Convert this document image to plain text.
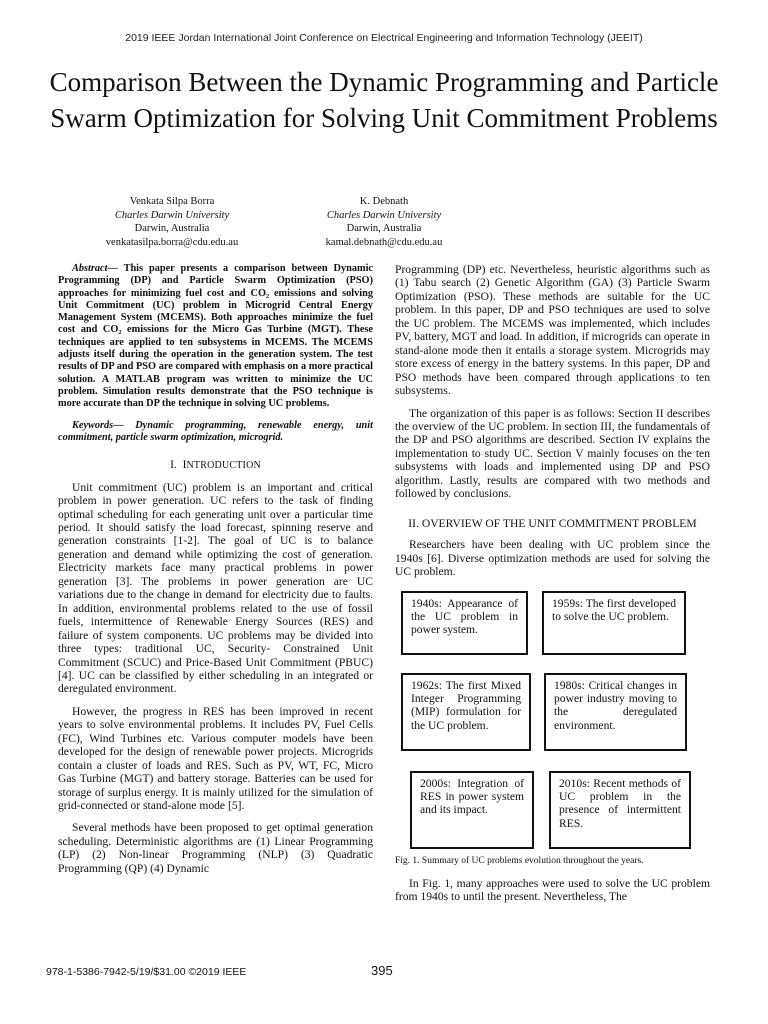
2019 IEEE Jordan International Joint Conference on Electrical Engineering and Information Technology (JEEIT)
Comparison Between the Dynamic Programming and Particle Swarm Optimization for Solving Unit Commitment Problems
Venkata Silpa Borra
Charles Darwin University
Darwin, Australia
venkatasilpa.borra@cdu.edu.au
K. Debnath
Charles Darwin University
Darwin, Australia
kamal.debnath@cdu.edu.au

Abstract— This paper presents a comparison between Dynamic Programming (DP) and Particle Swarm Optimization (PSO) approaches for minimizing fuel cost and CO₂ emissions and solving Unit Commitment (UC) problem in Microgrid Central Energy Management System (MCEMS). Both approaches minimize the fuel cost and CO₂ emissions for the Micro Gas Turbine (MGT). These techniques are applied to ten subsystems in MCEMS. The MCEMS adjusts itself during the operation in the generation system. The test results of DP and PSO are compared with emphasis on a more practical solution. A MATLAB program was written to minimize the UC problem. Simulation results demonstrate that the PSO technique is more accurate than DP the technique in solving UC problems.

Keywords— Dynamic programming, renewable energy, unit commitment, particle swarm optimization, microgrid.

I. INTRODUCTION

Unit commitment (UC) problem is an important and critical problem in power generation. UC refers to the task of finding optimal scheduling for each generating unit over a particular time period. It should satisfy the load forecast, spinning reserve and generation constraints [1-2]. The goal of UC is to balance generation and demand while optimizing the cost of generation. Electricity markets face many practical problems in power generation [3]. The problems in power generation are UC variations due to the change in demand for electricity due to faults. In addition, environmental problems related to the use of fossil fuels, intermittence of Renewable Energy Sources (RES) and failure of system components. UC problems may be divided into three types: traditional UC, Security- Constrained Unit Commitment (SCUC) and Price-Based Unit Commitment (PBUC) [4]. UC can be classified by either scheduling in an integrated or deregulated environment.

However, the progress in RES has been improved in recent years to solve environmental problems. It includes PV, Fuel Cells (FC), Wind Turbines etc. Various computer models have been developed for the design of renewable power projects. Microgrids contain a cluster of loads and RES. Such as PV, WT, FC, Micro Gas Turbine (MGT) and battery storage. Batteries can be used for storage of surplus energy. It is mainly utilized for the simulation of grid-connected or stand-alone mode [5].

Several methods have been proposed to get optimal generation scheduling. Deterministic algorithms are (1) Linear Programming (LP) (2) Non-linear Programming (NLP) (3) Quadratic Programming (QP) (4) Dynamic

Programming (DP) etc. Nevertheless, heuristic algorithms such as (1) Tabu search (2) Genetic Algorithm (GA) (3) Particle Swarm Optimization (PSO). These methods are suitable for the UC problem. In this paper, DP and PSO techniques are used to solve the UC problem. The MCEMS was implemented, which includes PV, battery, MGT and load. In addition, if microgrids can operate in stand-alone mode then it entails a storage system. Microgrids may store excess of energy in the battery systems. In this paper, DP and PSO methods have been compared through applications to ten subsystems.

The organization of this paper is as follows: Section II describes the overview of the UC problem. In section III, the fundamentals of the DP and PSO algorithms are described. Section IV explains the implementation to study UC. Section V mainly focuses on the ten subsystems with loads and implemented using DP and PSO algorithm. Lastly, results are compared with two methods and followed by conclusions.

II. OVERVIEW OF THE UNIT COMMITMENT PROBLEM

Researchers have been dealing with UC problem since the 1940s [6]. Diverse optimization methods are used for solving the UC problem.

1940s: Appearance of the UC problem in power system.
1959s: The first developed to solve the UC problem.
1962s: The first Mixed Integer Programming (MIP) formulation for the UC problem.
1980s: Critical changes in power industry moving to the deregulated environment.
2000s: Integration of RES in power system and its impact.
2010s: Recent methods of UC problem in the presence of intermittent RES.
Fig. 1. Summary of UC problems evolution throughout the years.

In Fig. 1, many approaches were used to solve the UC problem from 1940s to until the present. Nevertheless, The

978-1-5386-7942-5/19/$31.00 ©2019 IEEE	395
